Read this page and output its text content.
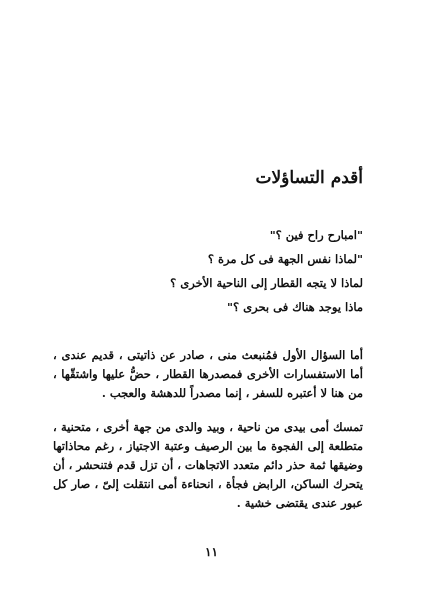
أقدم التساؤلات
"امبارح راح فين ؟"
"لماذا نفس الجهة فى كل مرة ؟
لماذا لا يتجه القطار إلى الناحية الأخرى ؟
ماذا يوجد هناك فى بحرى ؟"

أما السؤال الأول فمُنبعث منى ، صادر عن ذاتيتى ، قديم عندى ، أما الاستفسارات الأخرى فمصدرها القطار ، حضُّ عليها واشتقّها ، من هنا لا أعتبره للسفر ، إنما مصدراً للدهشة والعجب .

تمسك أمى بيدى من ناحية ، وبيد والدى من جهة أخرى ، متحنية ، متطلعة إلى الفجوة ما بين الرصيف وعتبة الاجتياز ، رغم محاذاتها وضيقها ثمة حذر دائم متعدد الاتجاهات ، أن تزل قدم فتنحشر ، أن يتحرك الساكن، الرابض فجأة ، انحناءة أمى انتقلت إلىّ ، صار كل عبور عندى يقتضى خشية .

١١
